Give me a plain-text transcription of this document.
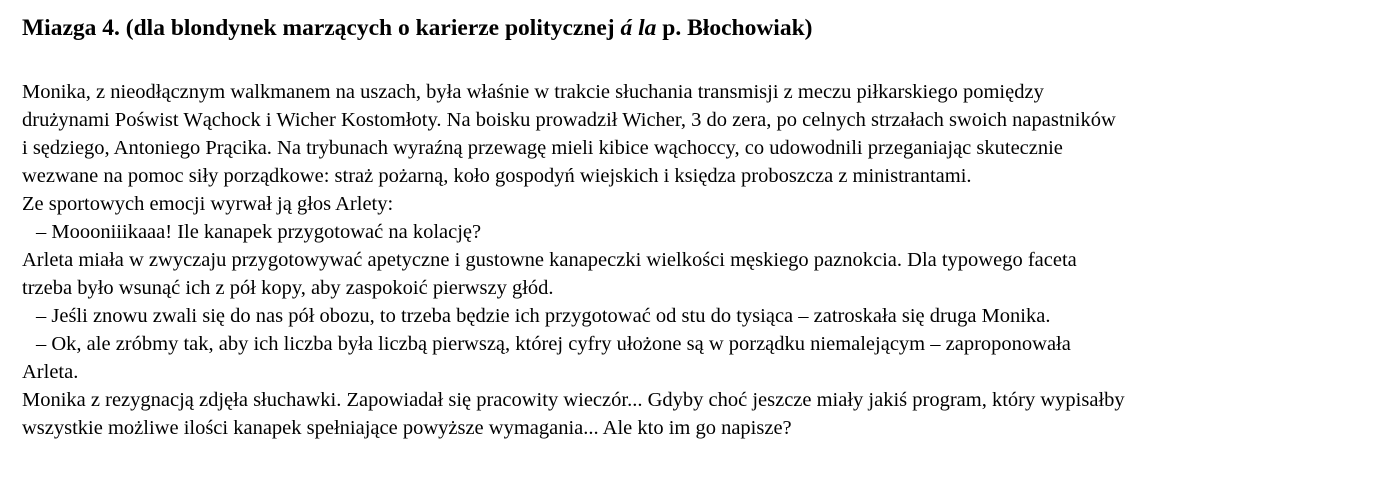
Miazga 4. (dla blondynek marzących o karierze politycznej á la p. Błochowiak)
Monika, z nieodłącznym walkmanem na uszach, była właśnie w trakcie słuchania transmisji z meczu piłkarskiego pomiędzy
drużynami Poświst Wąchock i Wicher Kostomłoty. Na boisku prowadził Wicher, 3 do zera, po celnych strzałach swoich napastników
i sędziego, Antoniego Prącika. Na trybunach wyraźną przewagę mieli kibice wąchoccy, co udowodnili przeganiając skutecznie
wezwane na pomoc siły porządkowe: straż pożarną, koło gospodyń wiejskich i księdza proboszcza z ministrantami.
Ze sportowych emocji wyrwał ją głos Arlety:
– Moooniiikaaa! Ile kanapek przygotować na kolację?
Arleta miała w zwyczaju przygotowywać apetyczne i gustowne kanapeczki wielkości męskiego paznokcia. Dla typowego faceta
trzeba było wsunąć ich z pół kopy, aby zaspokoić pierwszy głód.
– Jeśli znowu zwali się do nas pół obozu, to trzeba będzie ich przygotować od stu do tysiąca – zatroskała się druga Monika.
– Ok, ale zróbmy tak, aby ich liczba była liczbą pierwszą, której cyfry ułożone są w porządku niemalejącym – zaproponowała
Arleta.
Monika z rezygnacją zdjęła słuchawki. Zapowiadał się pracowity wieczór... Gdyby choć jeszcze miały jakiś program, który wypisałby
wszystkie możliwe ilości kanapek spełniające powyższe wymagania... Ale kto im go napisze?
